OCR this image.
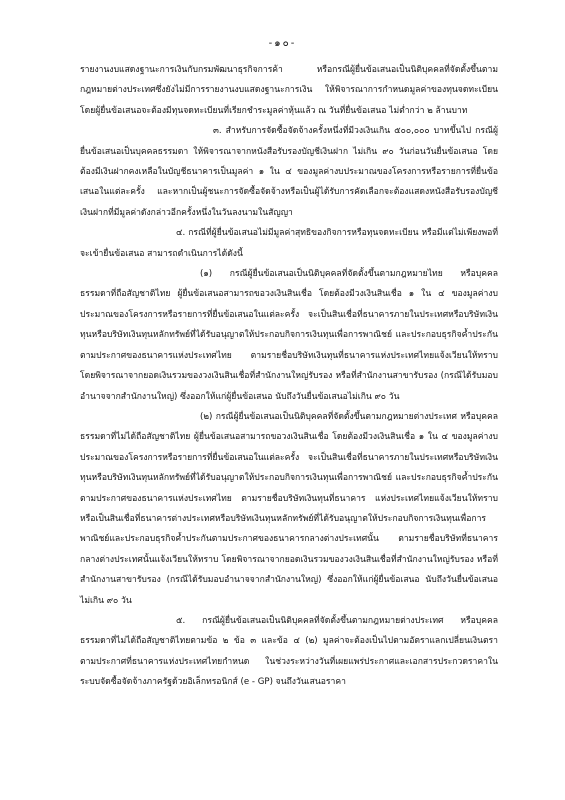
-๑๐-

รายงานงบแสดงฐานะการเงินกับกรมพัฒนาธุรกิจการค้า หรือกรณีผู้ยื่นข้อเสนอเป็นนิติบุคคลที่จัดตั้งขึ้นตามกฎหมายต่างประเทศซึ่งยังไม่มีการรายงานงบแสดงฐานะการเงิน ให้พิจารณาการกำหนดมูลค่าของทุนจดทะเบียน โดยผู้ยื่นข้อเสนอจะต้องมีทุนจดทะเบียนที่เรียกชำระมูลค่าหุ้นแล้ว ณ วันที่ยื่นข้อเสนอ ไม่ต่ำกว่า ๒ ล้านบาท

๓. สำหรับการจัดซื้อจัดจ้างครั้งหนึ่งที่มีวงเงินเกิน ๕๐๐,๐๐๐ บาทขึ้นไป กรณีผู้ยื่นข้อเสนอเป็นบุคคลธรรมดา ให้พิจารณาจากหนังสือรับรองบัญชีเงินฝาก ไม่เกิน ๙๐ วันก่อนวันยื่นข้อเสนอ โดยต้องมีเงินฝากคงเหลือในบัญชีธนาคารเป็นมูลค่า ๑ ใน ๔ ของมูลค่างบประมาณของโครงการหรือรายการที่ยื่นข้อเสนอในแต่ละครั้ง และหากเป็นผู้ชนะการจัดซื้อจัดจ้างหรือเป็นผู้ได้รับการคัดเลือกจะต้องแสดงหนังสือรับรองบัญชีเงินฝากที่มีมูลค่าดังกล่าวอีกครั้งหนึ่งในวันลงนามในสัญญา

๔. กรณีที่ผู้ยื่นข้อเสนอไม่มีมูลค่าสุทธิของกิจการหรือทุนจดทะเบียน หรือมีแต่ไม่เพียงพอที่จะเข้ายื่นข้อเสนอ สามารถดำเนินการได้ดังนี้

(๑) กรณีผู้ยื่นข้อเสนอเป็นนิติบุคคลที่จัดตั้งขึ้นตามกฎหมายไทย หรือบุคคลธรรมดาที่ถือสัญชาติไทย ผู้ยื่นข้อเสนอสามารถขอวงเงินสินเชื่อ โดยต้องมีวงเงินสินเชื่อ ๑ ใน ๔ ของมูลค่างบประมาณของโครงการหรือรายการที่ยื่นข้อเสนอในแต่ละครั้ง จะเป็นสินเชื่อที่ธนาคารภายในประเทศหรือบริษัทเงินทุนหรือบริษัทเงินทุนหลักทรัพย์ที่ได้รับอนุญาตให้ประกอบกิจการเงินทุนเพื่อการพาณิชย์ และประกอบธุรกิจค้ำประกันตามประกาศของธนาคารแห่งประเทศไทย ตามรายชื่อบริษัทเงินทุนที่ธนาคารแห่งประเทศไทยแจ้งเวียนให้ทราบ โดยพิจารณาจากยอดเงินรวมของวงเงินสินเชื่อที่สำนักงานใหญ่รับรอง หรือที่สำนักงานสาขารับรอง (กรณีได้รับมอบอำนาจจากสำนักงานใหญ่) ซึ่งออกให้แก่ผู้ยื่นข้อเสนอ นับถึงวันยื่นข้อเสนอไม่เกิน ๙๐ วัน

(๒) กรณีผู้ยื่นข้อเสนอเป็นนิติบุคคลที่จัดตั้งขึ้นตามกฎหมายต่างประเทศ หรือบุคคลธรรมดาที่ไม่ได้ถือสัญชาติไทย ผู้ยื่นข้อเสนอสามารถขอวงเงินสินเชื่อ โดยต้องมีวงเงินสินเชื่อ ๑ ใน ๔ ของมูลค่างบประมาณของโครงการหรือรายการที่ยื่นข้อเสนอในแต่ละครั้ง จะเป็นสินเชื่อที่ธนาคารภายในประเทศหรือบริษัทเงินทุนหรือบริษัทเงินทุนหลักทรัพย์ที่ได้รับอนุญาตให้ประกอบกิจการเงินทุนเพื่อการพาณิชย์ และประกอบธุรกิจค้ำประกันตามประกาศของธนาคารแห่งประเทศไทย ตามรายชื่อบริษัทเงินทุนที่ธนาคาร แห่งประเทศไทยแจ้งเวียนให้ทราบ หรือเป็นสินเชื่อที่ธนาคารต่างประเทศหรือบริษัทเงินทุนหลักทรัพย์ที่ได้รับอนุญาตให้ประกอบกิจการเงินทุนเพื่อการพาณิชย์และประกอบธุรกิจค้ำประกันตามประกาศของธนาคารกลางต่างประเทศนั้น ตามรายชื่อบริษัทที่ธนาคารกลางต่างประเทศนั้นแจ้งเวียนให้ทราบ โดยพิจารณาจากยอดเงินรวมของวงเงินสินเชื่อที่สำนักงานใหญ่รับรอง หรือที่สำนักงานสาขารับรอง (กรณีได้รับมอบอำนาจจากสำนักงานใหญ่) ซึ่งออกให้แก่ผู้ยื่นข้อเสนอ นับถึงวันยื่นข้อเสนอไม่เกิน ๙๐ วัน

๕. กรณีผู้ยื่นข้อเสนอเป็นนิติบุคคลที่จัดตั้งขึ้นตามกฎหมายต่างประเทศ หรือบุคคลธรรมดาที่ไม่ได้ถือสัญชาติไทยตามข้อ ๒ ข้อ ๓ และข้อ ๔ (๒) มูลค่าจะต้องเป็นไปตามอัตราแลกเปลี่ยนเงินตรา ตามประกาศที่ธนาคารแห่งประเทศไทยกำหนด ในช่วงระหว่างวันที่เผยแพร่ประกาศและเอกสารประกวดราคาในระบบจัดซื้อจัดจ้างภาครัฐด้วยอิเล็กทรอนิกส์ (e - GP) จนถึงวันเสนอราคา
